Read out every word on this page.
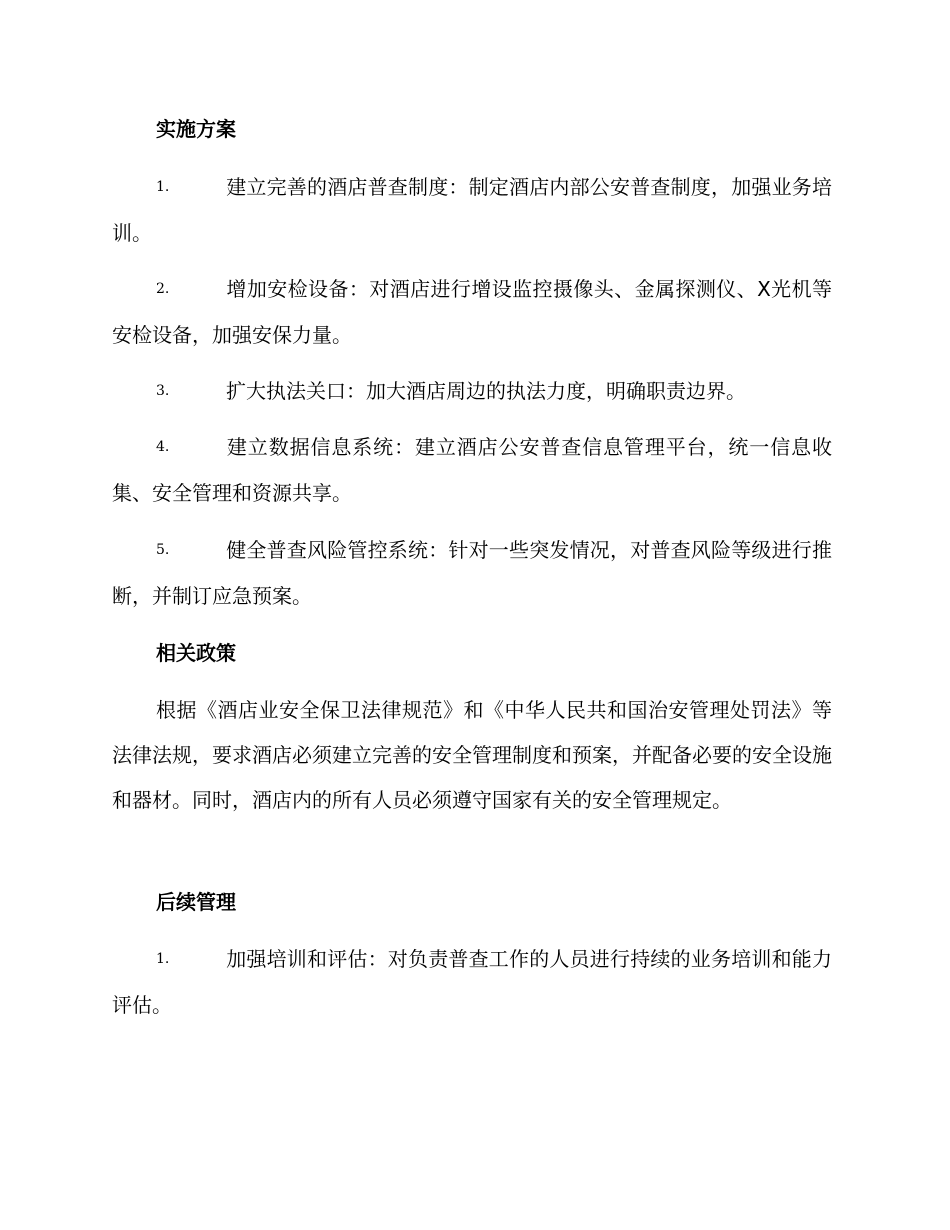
实施方案
1.	建立完善的酒店普查制度：制定酒店内部公安普查制度，加强业务培训。
2.	增加安检设备：对酒店进行增设监控摄像头、金属探测仪、X光机等安检设备，加强安保力量。
3.	扩大执法关口：加大酒店周边的执法力度，明确职责边界。
4.	建立数据信息系统：建立酒店公安普查信息管理平台，统一信息收集、安全管理和资源共享。
5.	健全普查风险管控系统：针对一些突发情况，对普查风险等级进行推断，并制订应急预案。
相关政策
根据《酒店业安全保卫法律规范》和《中华人民共和国治安管理处罚法》等法律法规，要求酒店必须建立完善的安全管理制度和预案，并配备必要的安全设施和器材。同时，酒店内的所有人员必须遵守国家有关的安全管理规定。
后续管理
1.	加强培训和评估：对负责普查工作的人员进行持续的业务培训和能力评估。
